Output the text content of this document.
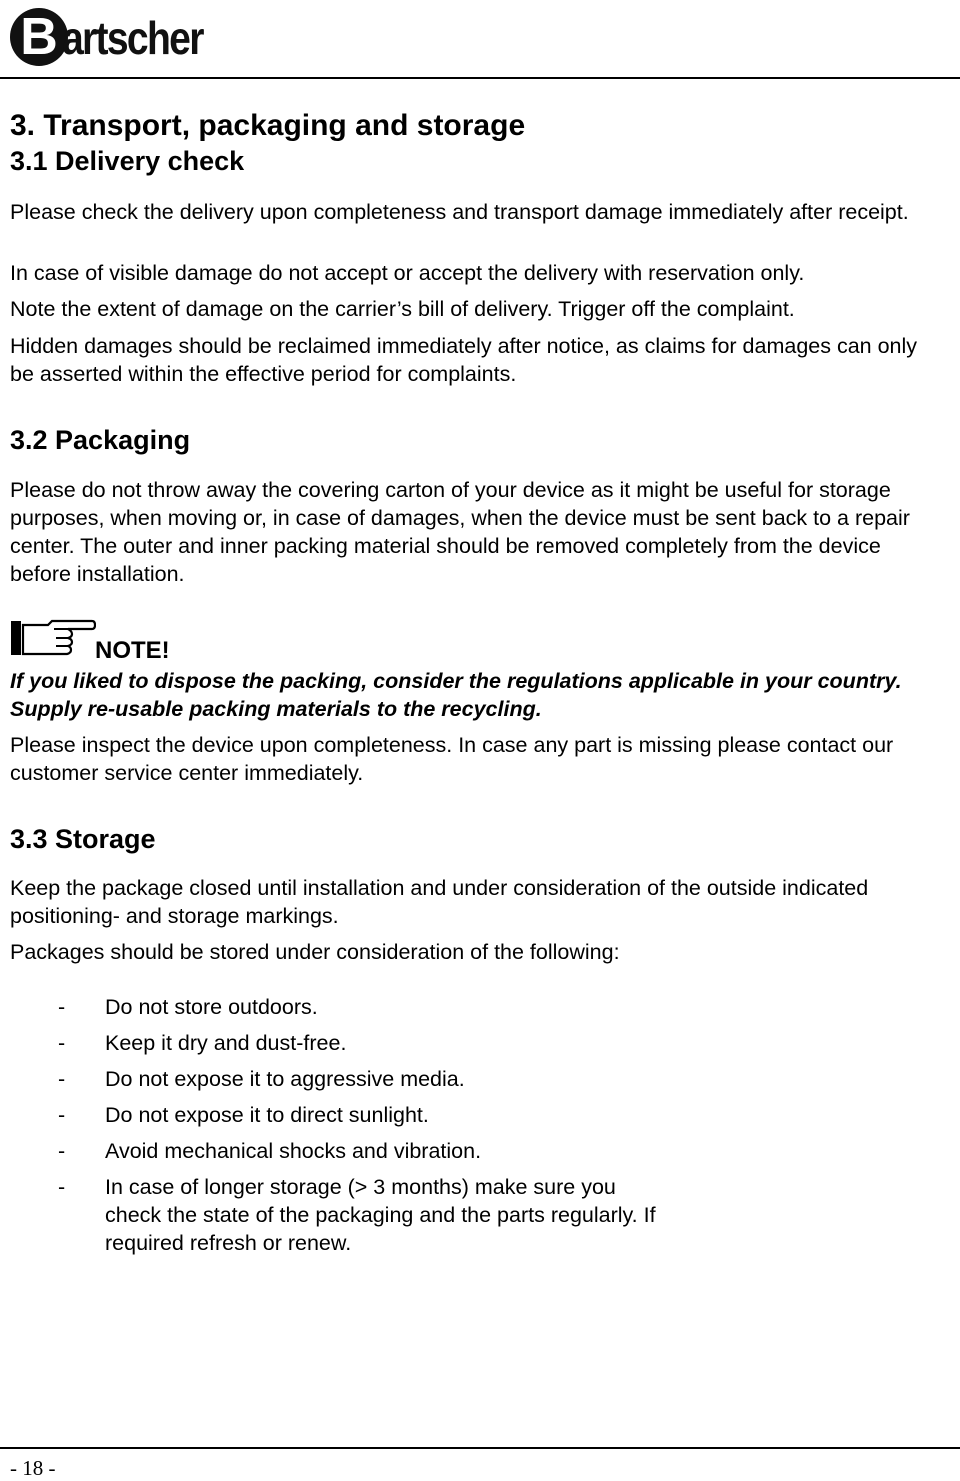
B artscher
3. Transport, packaging and storage
3.1 Delivery check
Please check the delivery upon completeness and transport damage immediately after receipt.
In case of visible damage do not accept or accept the delivery with reservation only.
Note the extent of damage on the carrier’s bill of delivery. Trigger off the complaint.
Hidden damages should be reclaimed immediately after notice, as claims for damages can only be asserted within the effective period for complaints.
3.2 Packaging
Please do not throw away the covering carton of your device as it might be useful for storage purposes, when moving or, in case of damages, when the device must be sent back to a repair center. The outer and inner packing material should be removed completely from the device before installation.
NOTE!
If you liked to dispose the packing, consider the regulations applicable in your country. Supply re-usable packing materials to the recycling.
Please inspect the device upon completeness. In case any part is missing please contact our customer service center immediately.
3.3 Storage
Keep the package closed until installation and under consideration of the outside indicated positioning- and storage markings.
Packages should be stored under consideration of the following:
- Do not store outdoors.
- Keep it dry and dust-free.
- Do not expose it to aggressive media.
- Do not expose it to direct sunlight.
- Avoid mechanical shocks and vibration.
- In case of longer storage (> 3 months) make sure you check the state of the packaging and the parts regularly. If required refresh or renew.
- 18 -
